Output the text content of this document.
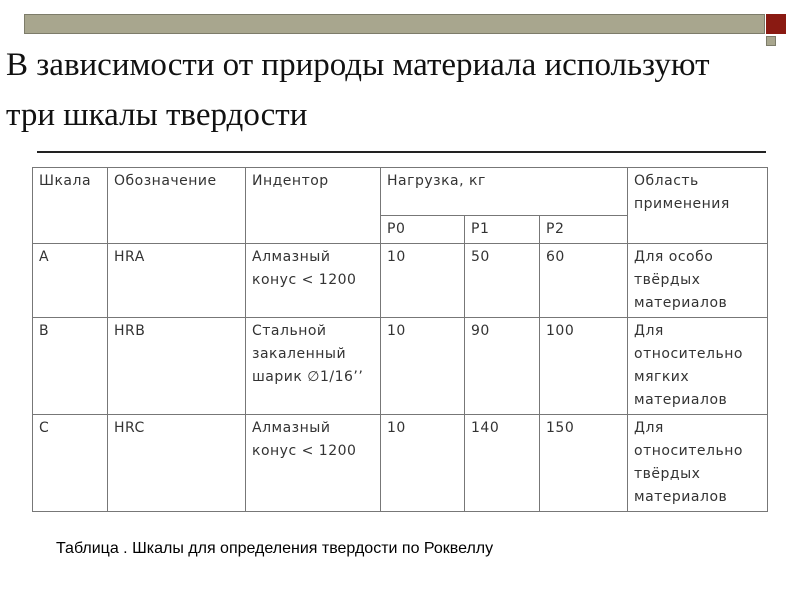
В зависимости от природы материала используют
три шкалы твердости
Шкала	Обозначение	Индентор	Нагрузка, кг			Область применения
			Р0	Р1	Р2	
A	HRA	Алмазный конус < 1200	10	50	60	Для особо твёрдых материалов
B	HRB	Стальной закаленный шарик ∅1/16’’	10	90	100	Для относительно мягких материалов
C	HRC	Алмазный конус < 1200	10	140	150	Для относительно твёрдых материалов
Таблица . Шкалы для определения твердости по Роквеллу
